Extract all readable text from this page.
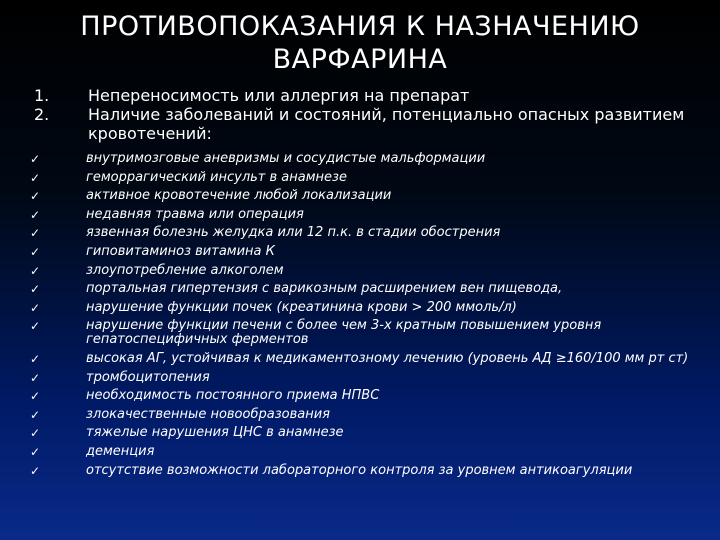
ПРОТИВОПОКАЗАНИЯ К НАЗНАЧЕНИЮ
ВАРФАРИНА
1.	Непереносимость или аллергия на препарат
2.	Наличие заболеваний и состояний, потенциально опасных развитием кровотечений:
✓	внутримозговые аневризмы и сосудистые мальформации
✓	геморрагический инсульт в анамнезе
✓	активное кровотечение любой локализации
✓	недавняя травма или операция
✓	язвенная болезнь желудка или 12 п.к. в стадии обострения
✓	гиповитаминоз витамина К
✓	злоупотребление алкоголем
✓	портальная гипертензия с варикозным расширением вен пищевода,
✓	нарушение функции почек (креатинина крови > 200 ммоль/л)
✓	нарушение функции печени с более чем 3-х кратным повышением уровня гепатоспецифичных ферментов
✓	высокая АГ, устойчивая к медикаментозному лечению (уровень АД ≥160/100 мм рт ст)
✓	тромбоцитопения
✓	необходимость постоянного приема НПВС
✓	злокачественные новообразования
✓	тяжелые нарушения ЦНС в анамнезе
✓	деменция
✓	отсутствие возможности лабораторного контроля за уровнем антикоагуляции
